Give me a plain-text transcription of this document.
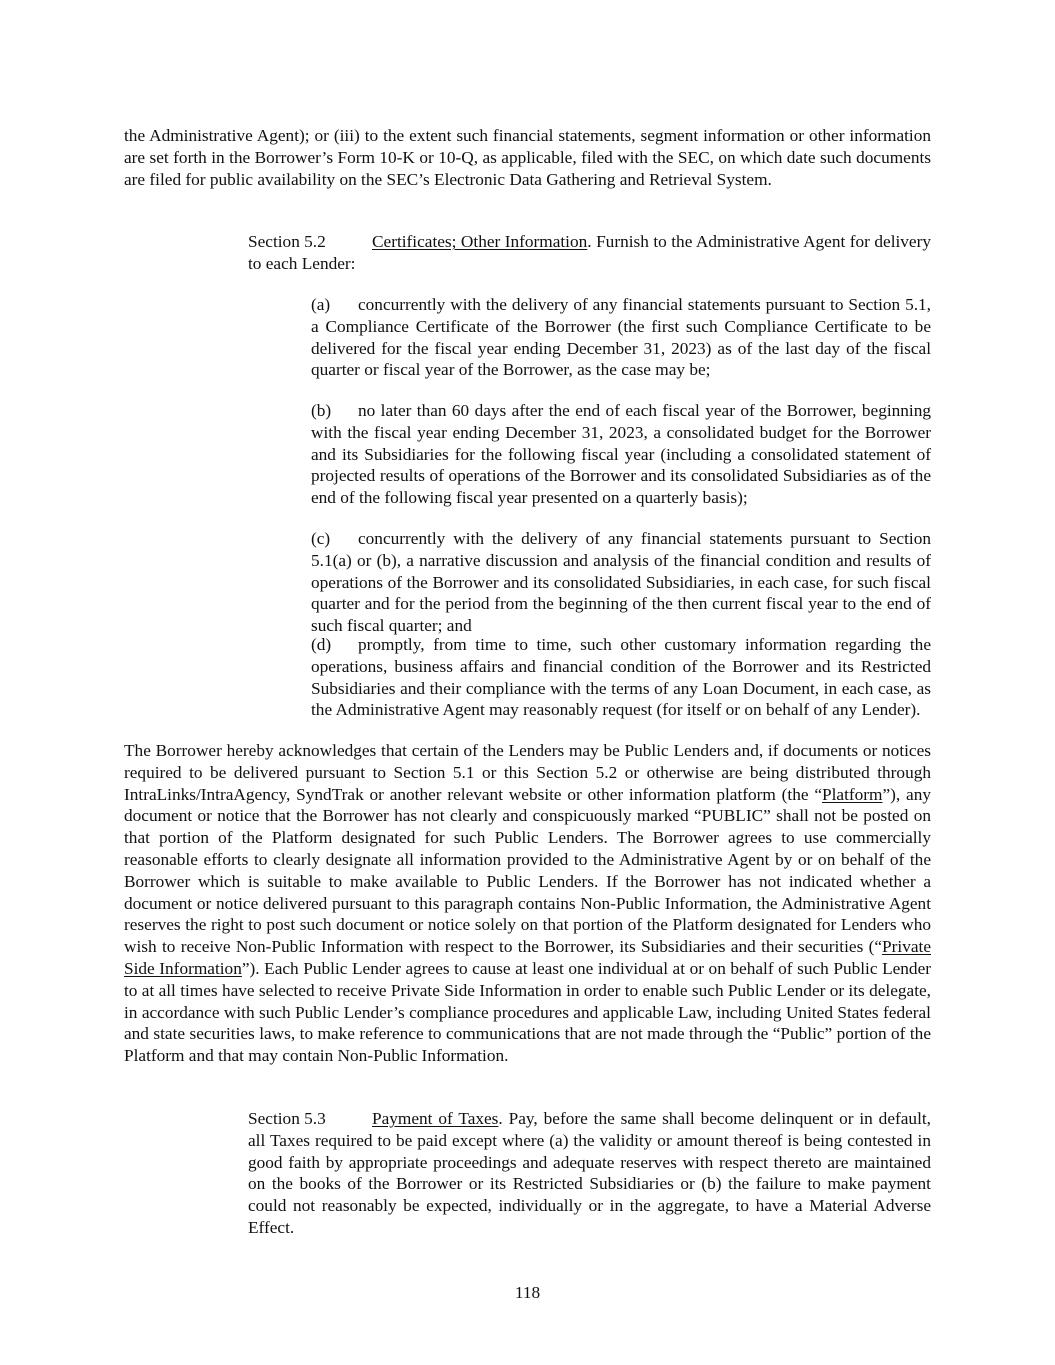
the Administrative Agent); or (iii) to the extent such financial statements, segment information or other information are set forth in the Borrower’s Form 10-K or 10-Q, as applicable, filed with the SEC, on which date such documents are filed for public availability on the SEC’s Electronic Data Gathering and Retrieval System.

Section 5.2	Certificates; Other Information. Furnish to the Administrative Agent for delivery to each Lender:

(a) concurrently with the delivery of any financial statements pursuant to Section 5.1, a Compliance Certificate of the Borrower (the first such Compliance Certificate to be delivered for the fiscal year ending December 31, 2023) as of the last day of the fiscal quarter or fiscal year of the Borrower, as the case may be;

(b) no later than 60 days after the end of each fiscal year of the Borrower, beginning with the fiscal year ending December 31, 2023, a consolidated budget for the Borrower and its Subsidiaries for the following fiscal year (including a consolidated statement of projected results of operations of the Borrower and its consolidated Subsidiaries as of the end of the following fiscal year presented on a quarterly basis);

(c) concurrently with the delivery of any financial statements pursuant to Section 5.1(a) or (b), a narrative discussion and analysis of the financial condition and results of operations of the Borrower and its consolidated Subsidiaries, in each case, for such fiscal quarter and for the period from the beginning of the then current fiscal year to the end of such fiscal quarter; and

(d) promptly, from time to time, such other customary information regarding the operations, business affairs and financial condition of the Borrower and its Restricted Subsidiaries and their compliance with the terms of any Loan Document, in each case, as the Administrative Agent may reasonably request (for itself or on behalf of any Lender).

The Borrower hereby acknowledges that certain of the Lenders may be Public Lenders and, if documents or notices required to be delivered pursuant to Section 5.1 or this Section 5.2 or otherwise are being distributed through IntraLinks/IntraAgency, SyndTrak or another relevant website or other information platform (the “Platform”), any document or notice that the Borrower has not clearly and conspicuously marked “PUBLIC” shall not be posted on that portion of the Platform designated for such Public Lenders. The Borrower agrees to use commercially reasonable efforts to clearly designate all information provided to the Administrative Agent by or on behalf of the Borrower which is suitable to make available to Public Lenders. If the Borrower has not indicated whether a document or notice delivered pursuant to this paragraph contains Non-Public Information, the Administrative Agent reserves the right to post such document or notice solely on that portion of the Platform designated for Lenders who wish to receive Non-Public Information with respect to the Borrower, its Subsidiaries and their securities (“Private Side Information”). Each Public Lender agrees to cause at least one individual at or on behalf of such Public Lender to at all times have selected to receive Private Side Information in order to enable such Public Lender or its delegate, in accordance with such Public Lender’s compliance procedures and applicable Law, including United States federal and state securities laws, to make reference to communications that are not made through the “Public” portion of the Platform and that may contain Non-Public Information.

Section 5.3	Payment of Taxes. Pay, before the same shall become delinquent or in default, all Taxes required to be paid except where (a) the validity or amount thereof is being contested in good faith by appropriate proceedings and adequate reserves with respect thereto are maintained on the books of the Borrower or its Restricted Subsidiaries or (b) the failure to make payment could not reasonably be expected, individually or in the aggregate, to have a Material Adverse Effect.

118
